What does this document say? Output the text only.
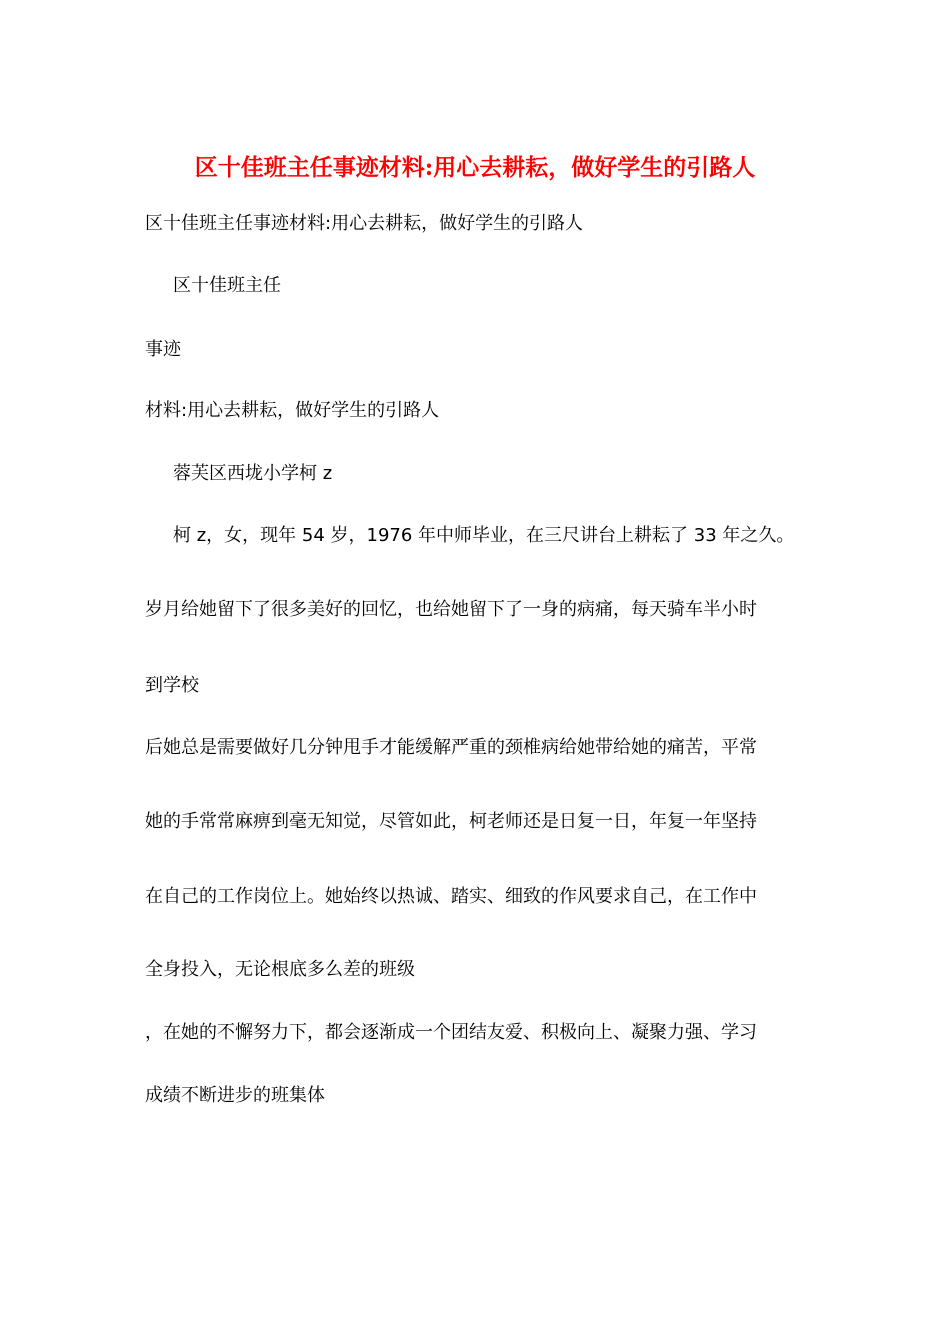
区十佳班主任事迹材料:用心去耕耘，做好学生的引路人
区十佳班主任事迹材料:用心去耕耘，做好学生的引路人
区十佳班主任
事迹
材料:用心去耕耘，做好学生的引路人
蓉芙区西垅小学柯 z
柯 z，女，现年 54 岁，1976 年中师毕业，在三尺讲台上耕耘了 33 年之久。
岁月给她留下了很多美好的回忆，也给她留下了一身的病痛，每天骑车半小时
到学校
后她总是需要做好几分钟甩手才能缓解严重的颈椎病给她带给她的痛苦，平常
她的手常常麻痹到毫无知觉，尽管如此，柯老师还是日复一日，年复一年坚持
在自己的工作岗位上。她始终以热诚、踏实、细致的作风要求自己，在工作中
全身投入，无论根底多么差的班级
，在她的不懈努力下，都会逐渐成一个团结友爱、积极向上、凝聚力强、学习
成绩不断进步的班集体
